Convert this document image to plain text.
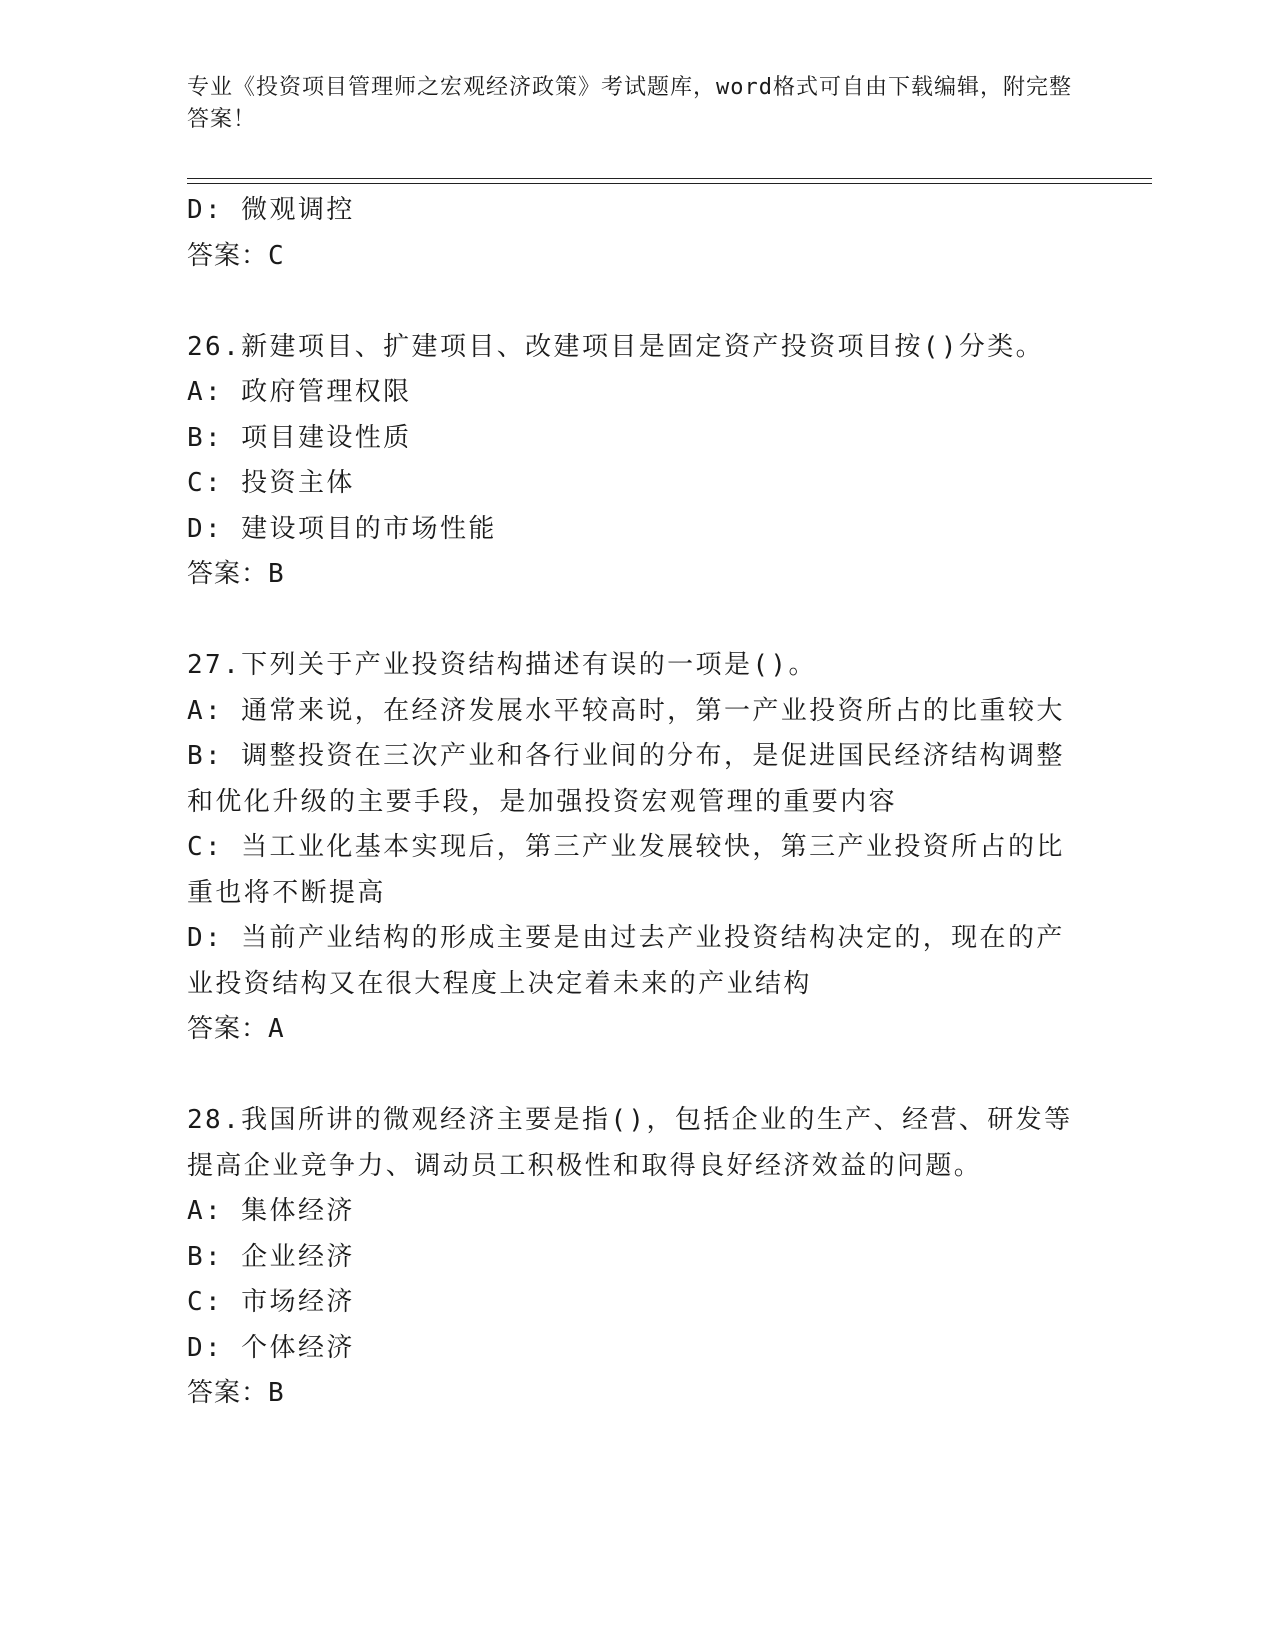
专业《投资项目管理师之宏观经济政策》考试题库，word格式可自由下载编辑，附完整答案！

D: 微观调控

答案：C

26.新建项目、扩建项目、改建项目是固定资产投资项目按()分类。

A: 政府管理权限

B: 项目建设性质

C: 投资主体

D: 建设项目的市场性能

答案：B

27.下列关于产业投资结构描述有误的一项是()。

A: 通常来说，在经济发展水平较高时，第一产业投资所占的比重较大

B: 调整投资在三次产业和各行业间的分布，是促进国民经济结构调整和优化升级的主要手段，是加强投资宏观管理的重要内容

C: 当工业化基本实现后，第三产业发展较快，第三产业投资所占的比重也将不断提高

D: 当前产业结构的形成主要是由过去产业投资结构决定的，现在的产业投资结构又在很大程度上决定着未来的产业结构

答案：A

28.我国所讲的微观经济主要是指()，包括企业的生产、经营、研发等提高企业竞争力、调动员工积极性和取得良好经济效益的问题。

A: 集体经济

B: 企业经济

C: 市场经济

D: 个体经济

答案：B
